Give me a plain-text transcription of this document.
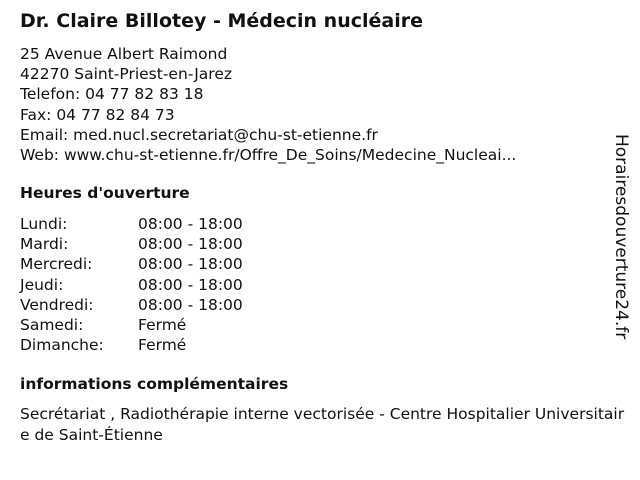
Dr. Claire Billotey - Médecin nucléaire
25 Avenue Albert Raimond
42270 Saint-Priest-en-Jarez
Telefon: 04 77 82 83 18
Fax: 04 77 82 84 73
Email: med.nucl.secretariat@chu-st-etienne.fr
Web: www.chu-st-etienne.fr/Offre_De_Soins/Medecine_Nucleai...
Heures d'ouverture
Lundi:	08:00 - 18:00
Mardi:	08:00 - 18:00
Mercredi:	08:00 - 18:00
Jeudi:	08:00 - 18:00
Vendredi:	08:00 - 18:00
Samedi:	Fermé
Dimanche: Fermé
informations complémentaires
Secrétariat , Radiothérapie interne vectorisée - Centre Hospitalier Universitaire de Saint-Étienne
Horairesdouverture24.fr
